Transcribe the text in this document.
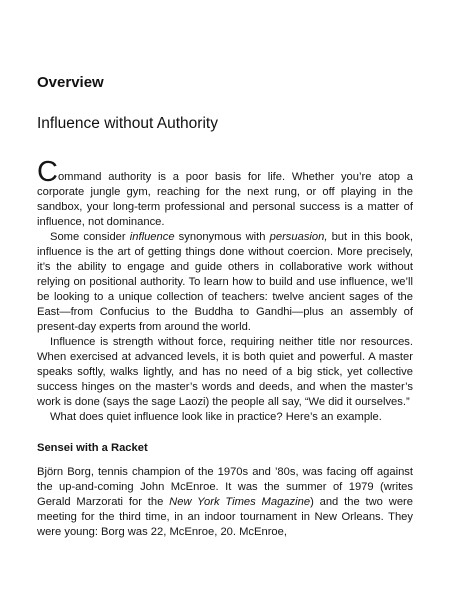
Overview
Influence without Authority

Command authority is a poor basis for life. Whether you’re atop a corporate jungle gym, reaching for the next rung, or off playing in the sandbox, your long-term professional and personal success is a matter of influence, not dominance.

Some consider influence synonymous with persuasion, but in this book, influence is the art of getting things done without coercion. More precisely, it’s the ability to engage and guide others in collaborative work without relying on positional authority. To learn how to build and use influence, we’ll be looking to a unique collection of teachers: twelve ancient sages of the East—from Confucius to the Buddha to Gandhi—plus an assembly of present-day experts from around the world.

Influence is strength without force, requiring neither title nor resources. When exercised at advanced levels, it is both quiet and powerful. A master speaks softly, walks lightly, and has no need of a big stick, yet collective success hinges on the master’s words and deeds, and when the master’s work is done (says the sage Laozi) the people all say, “We did it ourselves.”

What does quiet influence look like in practice? Here’s an example.

Sensei with a Racket

Björn Borg, tennis champion of the 1970s and ’80s, was facing off against the up-and-coming John McEnroe. It was the summer of 1979 (writes Gerald Marzorati for the New York Times Magazine) and the two were meeting for the third time, in an indoor tournament in New Orleans. They were young: Borg was 22, McEnroe, 20. McEnroe,
